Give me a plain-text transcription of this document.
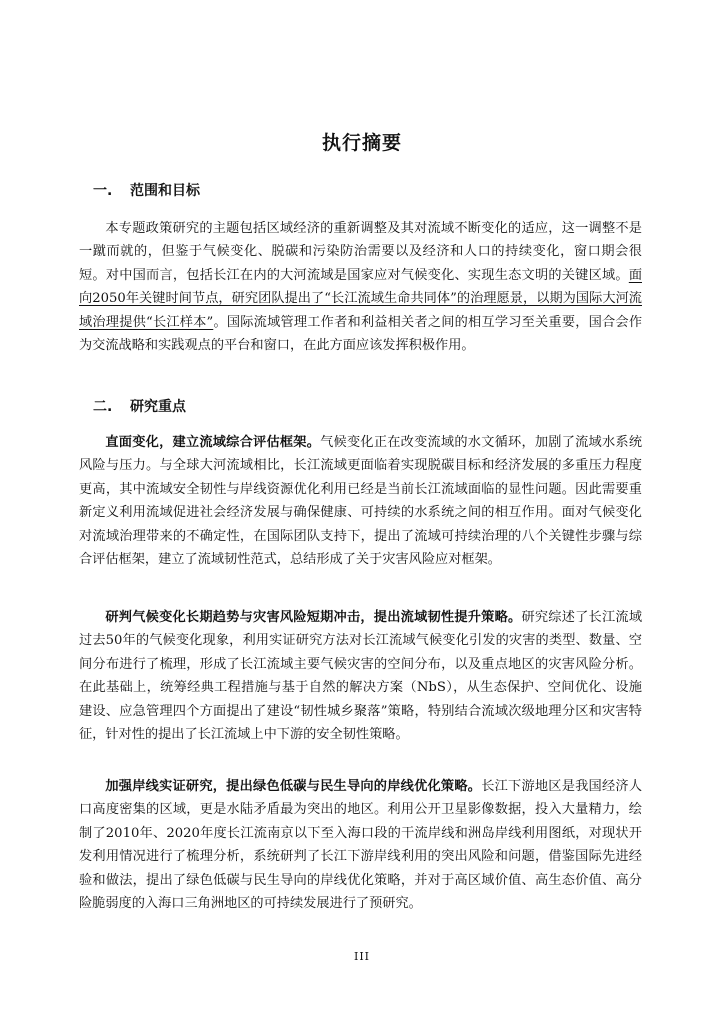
执行摘要
一. 范围和目标

本专题政策研究的主题包括区域经济的重新调整及其对流域不断变化的适应，这一调整不是一蹴而就的，但鉴于气候变化、脱碳和污染防治需要以及经济和人口的持续变化，窗口期会很短。对中国而言，包括长江在内的大河流域是国家应对气候变化、实现生态文明的关键区域。面向2050年关键时间节点，研究团队提出了“长江流域生命共同体”的治理愿景，以期为国际大河流域治理提供“长江样本”。国际流域管理工作者和利益相关者之间的相互学习至关重要，国合会作为交流战略和实践观点的平台和窗口，在此方面应该发挥积极作用。

二. 研究重点

直面变化，建立流域综合评估框架。气候变化正在改变流域的水文循环，加剧了流域水系统风险与压力。与全球大河流域相比，长江流域更面临着实现脱碳目标和经济发展的多重压力程度更高，其中流域安全韧性与岸线资源优化利用已经是当前长江流域面临的显性问题。因此需要重新定义利用流域促进社会经济发展与确保健康、可持续的水系统之间的相互作用。面对气候变化对流域治理带来的不确定性，在国际团队支持下，提出了流域可持续治理的八个关键性步骤与综合评估框架，建立了流域韧性范式，总结形成了关于灾害风险应对框架。

研判气候变化长期趋势与灾害风险短期冲击，提出流域韧性提升策略。研究综述了长江流域过去50年的气候变化现象，利用实证研究方法对长江流域气候变化引发的灾害的类型、数量、空间分布进行了梳理，形成了长江流域主要气候灾害的空间分布，以及重点地区的灾害风险分析。在此基础上，统筹经典工程措施与基于自然的解决方案（NbS），从生态保护、空间优化、设施建设、应急管理四个方面提出了建设“韧性城乡聚落”策略，特别结合流域次级地理分区和灾害特征，针对性的提出了长江流域上中下游的安全韧性策略。

加强岸线实证研究，提出绿色低碳与民生导向的岸线优化策略。长江下游地区是我国经济人口高度密集的区域，更是水陆矛盾最为突出的地区。利用公开卫星影像数据，投入大量精力，绘制了2010年、2020年度长江流南京以下至入海口段的干流岸线和洲岛岸线利用图纸，对现状开发利用情况进行了梳理分析，系统研判了长江下游岸线利用的突出风险和问题，借鉴国际先进经验和做法，提出了绿色低碳与民生导向的岸线优化策略，并对于高区域价值、高生态价值、高分险脆弱度的入海口三角洲地区的可持续发展进行了预研究。

III
